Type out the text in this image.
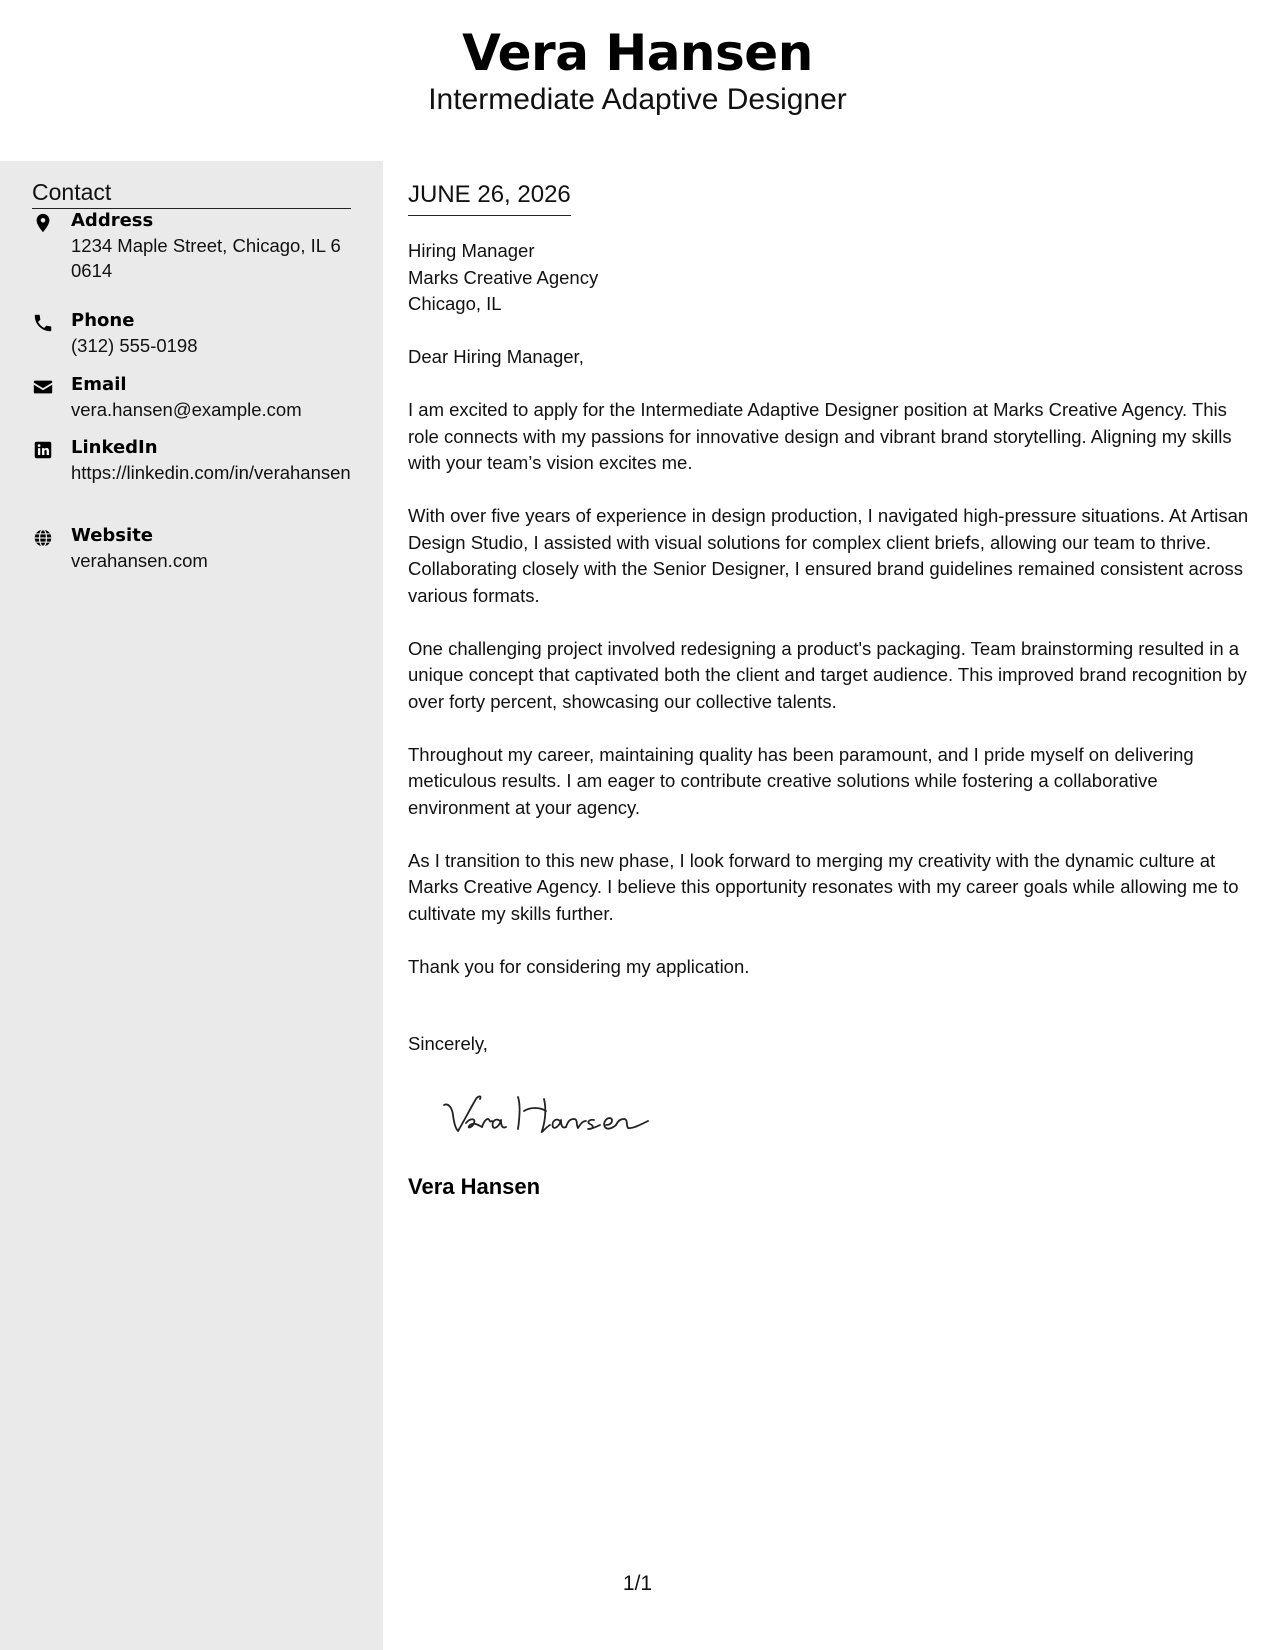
Vera Hansen
Intermediate Adaptive Designer
Contact
Address
1234 Maple Street, Chicago, IL 60614
Phone
(312) 555-0198
Email
vera.hansen@example.com
LinkedIn
https://linkedin.com/in/verahansen
Website
verahansen.com
JUNE 26, 2026
Hiring Manager
Marks Creative Agency
Chicago, IL

Dear Hiring Manager,

I am excited to apply for the Intermediate Adaptive Designer position at Marks Creative Agency. This role connects with my passions for innovative design and vibrant brand storytelling. Aligning my skills with your team’s vision excites me.

With over five years of experience in design production, I navigated high-pressure situations. At Artisan Design Studio, I assisted with visual solutions for complex client briefs, allowing our team to thrive. Collaborating closely with the Senior Designer, I ensured brand guidelines remained consistent across various formats.

One challenging project involved redesigning a product's packaging. Team brainstorming resulted in a unique concept that captivated both the client and target audience. This improved brand recognition by over forty percent, showcasing our collective talents.

Throughout my career, maintaining quality has been paramount, and I pride myself on delivering meticulous results. I am eager to contribute creative solutions while fostering a collaborative environment at your agency.

As I transition to this new phase, I look forward to merging my creativity with the dynamic culture at Marks Creative Agency. I believe this opportunity resonates with my career goals while allowing me to cultivate my skills further.

Thank you for considering my application.

Sincerely,
Vera Hansen
1/1
